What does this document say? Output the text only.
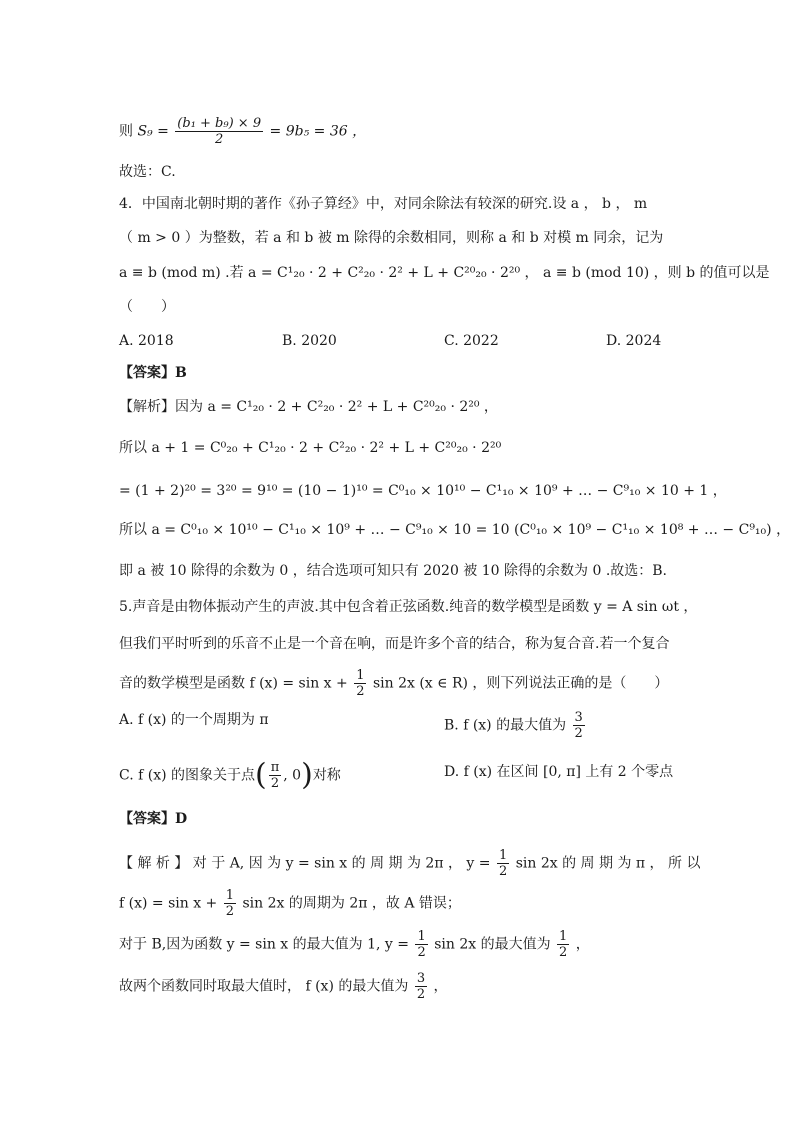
则 $S_9 = \frac{\text{(b₁ + b₉) × 9}}{2} = 9b_5 = 36$ ，
故选：C.
4．中国南北朝时期的著作《孙子算经》中，对同余除法有较深的研究.设 a ， b ， m
（ m > 0 ）为整数，若 a 和 b 被 m 除得的余数相同，则称 a 和 b 对模 m 同余，记为
a ≡ b (mod m) .若 a = C¹₂₀ · 2 + C²₂₀ · 2² + L + C²⁰₂₀ · 2²⁰ ， a ≡ b (mod 10) ，则 b 的值可以是
（　　）
A. 2018	B. 2020	C. 2022	D. 2024
【答案】B
【解析】因为 a = C¹₂₀ · 2 + C²₂₀ · 2² + L + C²⁰₂₀ · 2²⁰ ，
所以 a + 1 = C⁰₂₀ + C¹₂₀ · 2 + C²₂₀ · 2² + L + C²⁰₂₀ · 2²⁰
= (1 + 2)²⁰ = 3²⁰ = 9¹⁰ = (10 − 1)¹⁰ = C⁰₁₀ × 10¹⁰ − C¹₁₀ × 10⁹ + … − C⁹₁₀ × 10 + 1 ，
所以 a = C⁰₁₀ × 10¹⁰ − C¹₁₀ × 10⁹ + … − C⁹₁₀ × 10 = 10 (C⁰₁₀ × 10⁹ − C¹₁₀ × 10⁸ + … − C⁹₁₀) ，
即 a 被 10 除得的余数为 0 ，结合选项可知只有 2020 被 10 除得的余数为 0 .故选：B.
5.声音是由物体振动产生的声波.其中包含着正弦函数.纯音的数学模型是函数 y = A sin ωt ，
但我们平时听到的乐音不止是一个音在响，而是许多个音的结合，称为复合音.若一个复合
音的数学模型是函数 f $(x) = \sin x + \frac{1}{2}$ sin 2x (x ∈ R) ，则下列说法正确的是（　　）
A. f (x) 的一个周期为 π	B. f (x) 的最大值为 $\frac{3}{2}$
C. f (x) 的图象关于点( $\frac{\pi}{2}$ , 0)对称	D. f (x) 在区间 [0, π] 上有 2 个零点
【答案】D
【 解 析 】 对 于 A, 因 为 y = sin x 的 周 期 为 2π ， $y = \frac{1}{2}$ sin 2x 的 周 期 为 π ， 所 以
f $(x) = \sin x + \frac{1}{2}$ sin 2x 的周期为 2π ，故 A 错误；
对于 B,因为函数 y = sin x 的最大值为 1, $y = \frac{1}{2}$ sin 2x 的最大值为 $\frac{1}{2}$ ，
故两个函数同时取最大值时， f (x) 的最大值为 $\frac{3}{2}$ ，
